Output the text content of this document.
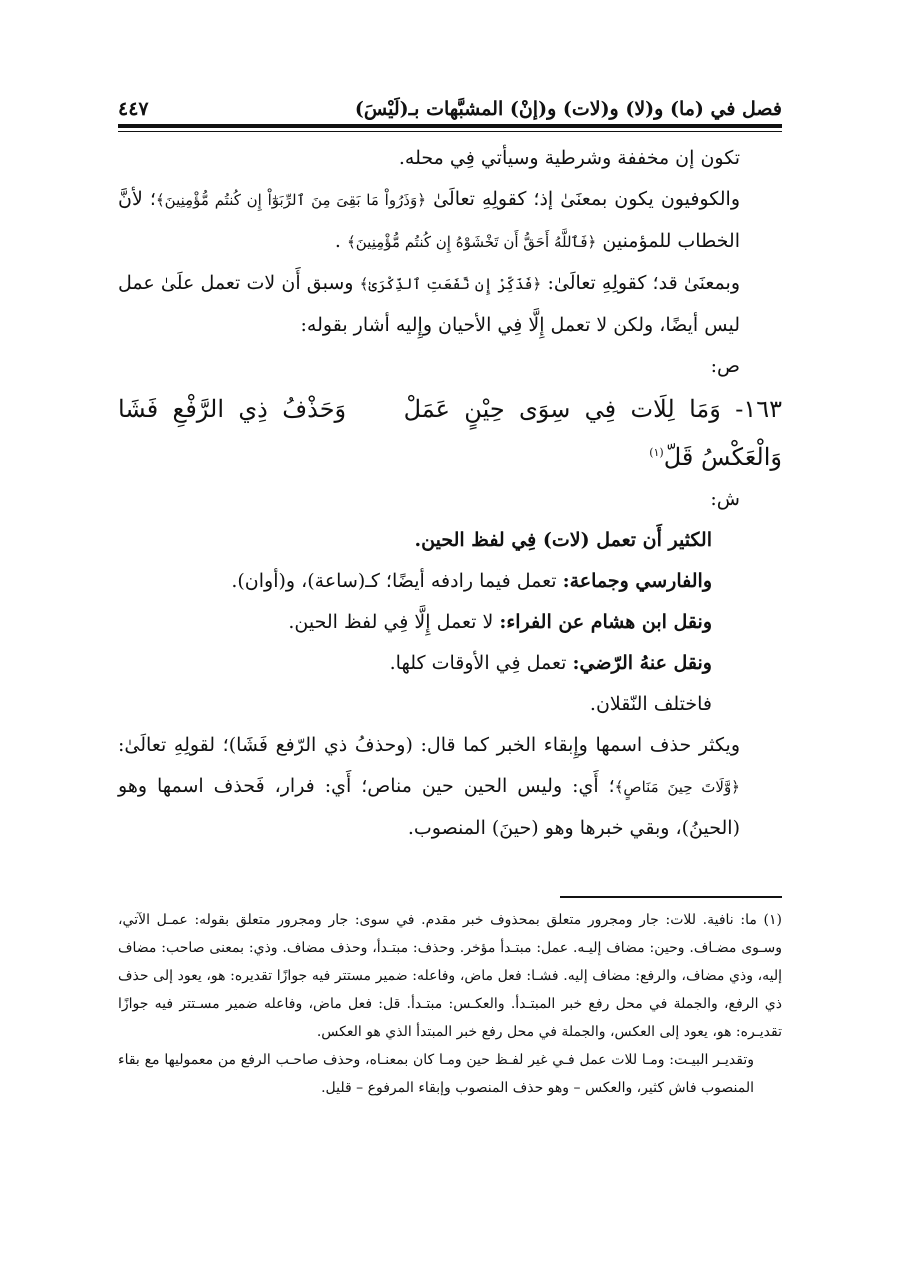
فصل في (ما) و(لا) و(لات) و(إنْ) المشبَّهات بـ(لَيْسَ)
٤٤٧

تكون إن مخففة وشرطية وسيأتي فِي محله.

والكوفيون يكون بمعنَىٰ إذ؛ كقولِهِ تعالَىٰ ﴿وَذَرُواْ مَا بَقِىَ مِنَ ٱلرِّبَوٰٓاْ إِن كُنتُم مُّؤْمِنِينَ﴾؛ لأنَّ الخطاب للمؤمنين ﴿فَٱللَّهُ أَحَقُّ أَن تَخْشَوْهُ إِن كُنتُم مُّؤْمِنِينَ﴾ .

وبمعنَىٰ قد؛ كقولِهِ تعالَىٰ: ﴿فَذَكِّرْ إِن نَّفَعَتِ ٱلذِّكْرَىٰ﴾ وسبق أَن لات تعمل علَىٰ عمل ليس أيضًا، ولكن لا تعمل إِلَّا فِي الأحيان وإِليه أشار بقوله:

ص:

١٦٣- وَمَا لِلَات فِي سِوَى حِيْنٍ عَمَلْ    وَحَذْفُ ذِي الرَّفْعِ فَشَا وَالْعَكْسُ قَلّ$^{(١)}$

ش:

الكثير أَن تعمل (لات) فِي لفظ الحين.

والفارسي وجماعة: تعمل فيما رادفه أيضًا؛ كـ(ساعة)، و(أوان).

ونقل ابن هشام عن الفراء: لا تعمل إِلَّا فِي لفظ الحين.

ونقل عنهُ الرّضي: تعمل فِي الأوقات كلها.

فاختلف النّقلان.

ويكثر حذف اسمها وإِبقاء الخبر كما قال: (وحذفُ ذي الرّفع فَشَا)؛ لقولِهِ تعالَىٰ: ﴿وَّلَاتَ حِينَ مَنَاصٍ﴾؛ أَي: وليس الحين حين مناص؛ أَي: فرار، فَحذف اسمها وهو (الحينُ)، وبقي خبرها وهو (حينَ) المنصوب.

(١) ما: نافية. للات: جار ومجرور متعلق بمحذوف خبر مقدم. في سوى: جار ومجرور متعلق بقوله: عمـل الآتي، وسـوى مضـاف. وحين: مضاف إليـه. عمل: مبتـدأ مؤخر. وحذف: مبتـدأ، وحذف مضاف. وذي: بمعنى صاحب: مضاف إليه، وذي مضاف، والرفع: مضاف إليه. فشـا: فعل ماض، وفاعله: ضمير مستتر فيه جوازًا تقديره: هو، يعود إلى حذف ذي الرفع، والجملة في محل رفع خبر المبتـدأ. والعكـس: مبتـدأ. قل: فعل ماض، وفاعله ضمير مسـتتر فيه جوازًا تقديـره: هو، يعود إلى العكس، والجملة في محل رفع خبر المبتدأ الذي هو العكس.

وتقديـر البيـت: ومـا للات عمل فـي غير لفـظ حين ومـا كان بمعنـاه، وحذف صاحـب الرفع من معموليها مع بقاء المنصوب فاش كثير، والعكس – وهو حذف المنصوب وإبقاء المرفوع – قليل.
